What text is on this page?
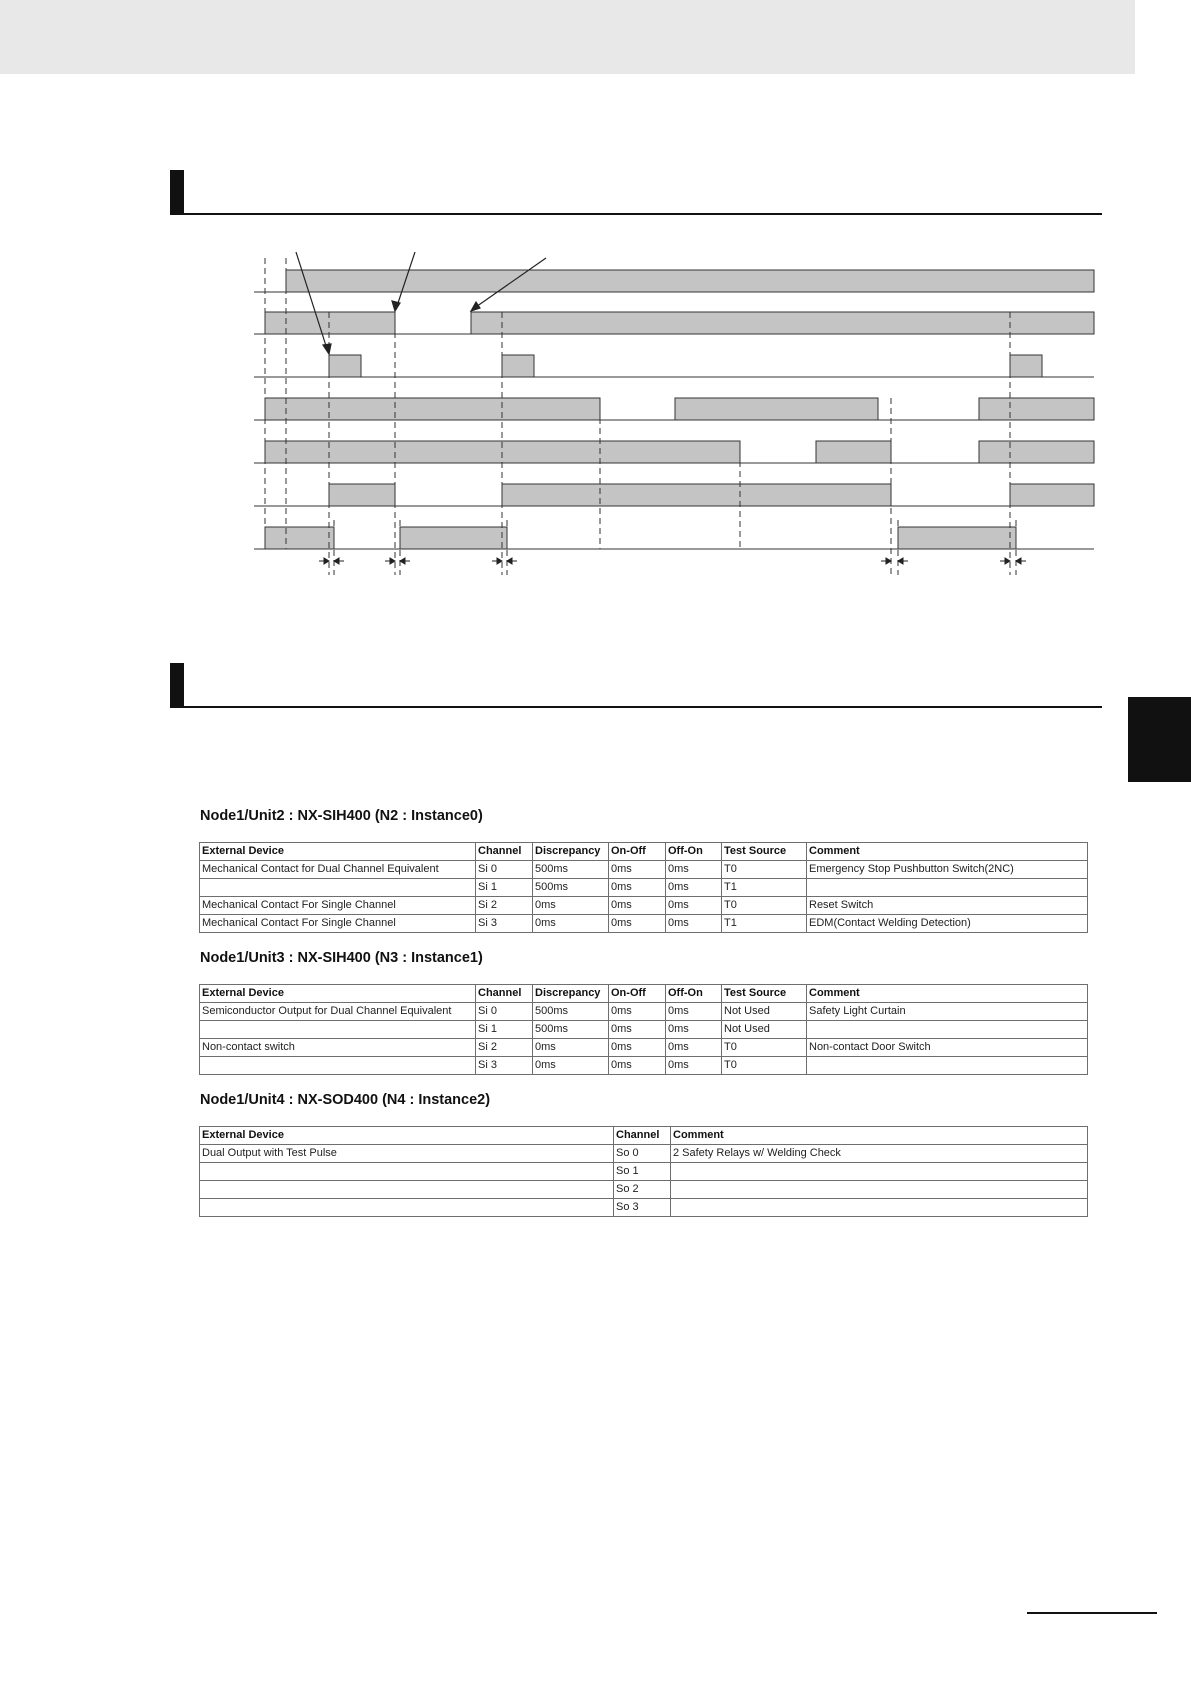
Node1/Unit2 : NX-SIH400 (N2 : Instance0)
External Device	Channel	Discrepancy	On-Off	Off-On	Test Source	Comment
Mechanical Contact for Dual Channel Equivalent	Si 0	500ms	0ms	0ms	T0	Emergency Stop Pushbutton Switch(2NC)
	Si 1	500ms	0ms	0ms	T1	
Mechanical Contact For Single Channel	Si 2	0ms	0ms	0ms	T0	Reset Switch
Mechanical Contact For Single Channel	Si 3	0ms	0ms	0ms	T1	EDM(Contact Welding Detection)
Node1/Unit3 : NX-SIH400 (N3 : Instance1)
External Device	Channel	Discrepancy	On-Off	Off-On	Test Source	Comment
Semiconductor Output for Dual Channel Equivalent	Si 0	500ms	0ms	0ms	Not Used	Safety Light Curtain
	Si 1	500ms	0ms	0ms	Not Used	
Non-contact switch	Si 2	0ms	0ms	0ms	T0	Non-contact Door Switch
	Si 3	0ms	0ms	0ms	T0	
Node1/Unit4 : NX-SOD400 (N4 : Instance2)
External Device	Channel	Comment
Dual Output with Test Pulse	So 0	2 Safety Relays w/ Welding Check
	So 1	
	So 2	
	So 3	
